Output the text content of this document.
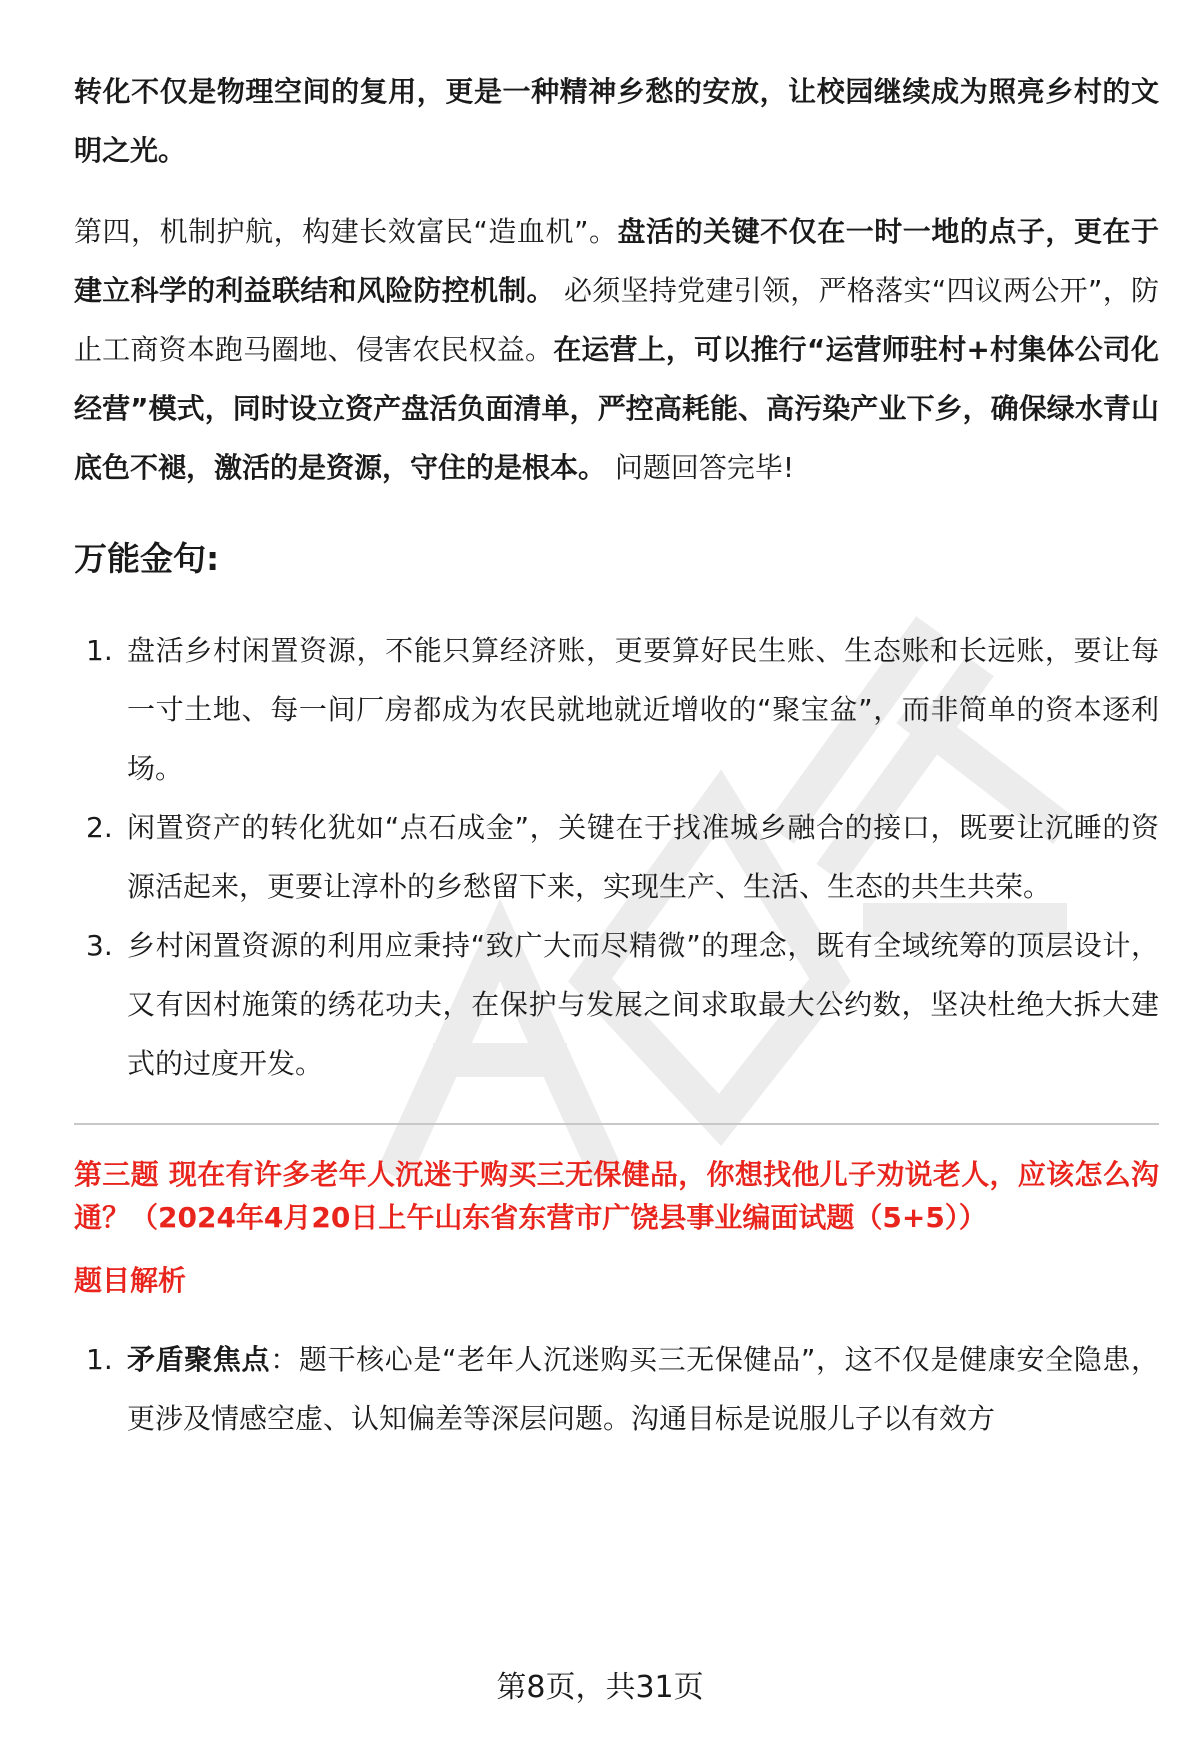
转化不仅是物理空间的复用，更是一种精神乡愁的安放，让校园继续成为照亮乡村的文明之光。

第四，机制护航，构建长效富民“造血机”。盘活的关键不仅在一时一地的点子，更在于建立科学的利益联结和风险防控机制。 必须坚持党建引领，严格落实“四议两公开”，防止工商资本跑马圈地、侵害农民权益。在运营上，可以推行“运营师驻村+村集体公司化经营”模式，同时设立资产盘活负面清单，严控高耗能、高污染产业下乡，确保绿水青山底色不褪，激活的是资源，守住的是根本。 问题回答完毕!

万能金句:
1. 盘活乡村闲置资源，不能只算经济账，更要算好民生账、生态账和长远账，要让每一寸土地、每一间厂房都成为农民就地就近增收的“聚宝盆”，而非简单的资本逐利场。
2. 闲置资产的转化犹如“点石成金”，关键在于找准城乡融合的接口，既要让沉睡的资源活起来，更要让淳朴的乡愁留下来，实现生产、生活、生态的共生共荣。
3. 乡村闲置资源的利用应秉持“致广大而尽精微”的理念，既有全域统筹的顶层设计，又有因村施策的绣花功夫，在保护与发展之间求取最大公约数，坚决杜绝大拆大建式的过度开发。

第三题 现在有许多老年人沉迷于购买三无保健品，你想找他儿子劝说老人，应该怎么沟通？（2024年4月20日上午山东省东营市广饶县事业编面试题（5+5））

题目解析

1. 矛盾聚焦点：题干核心是“老年人沉迷购买三无保健品”，这不仅是健康安全隐患，更涉及情感空虚、认知偏差等深层问题。沟通目标是说服儿子以有效方
第8页，共31页
